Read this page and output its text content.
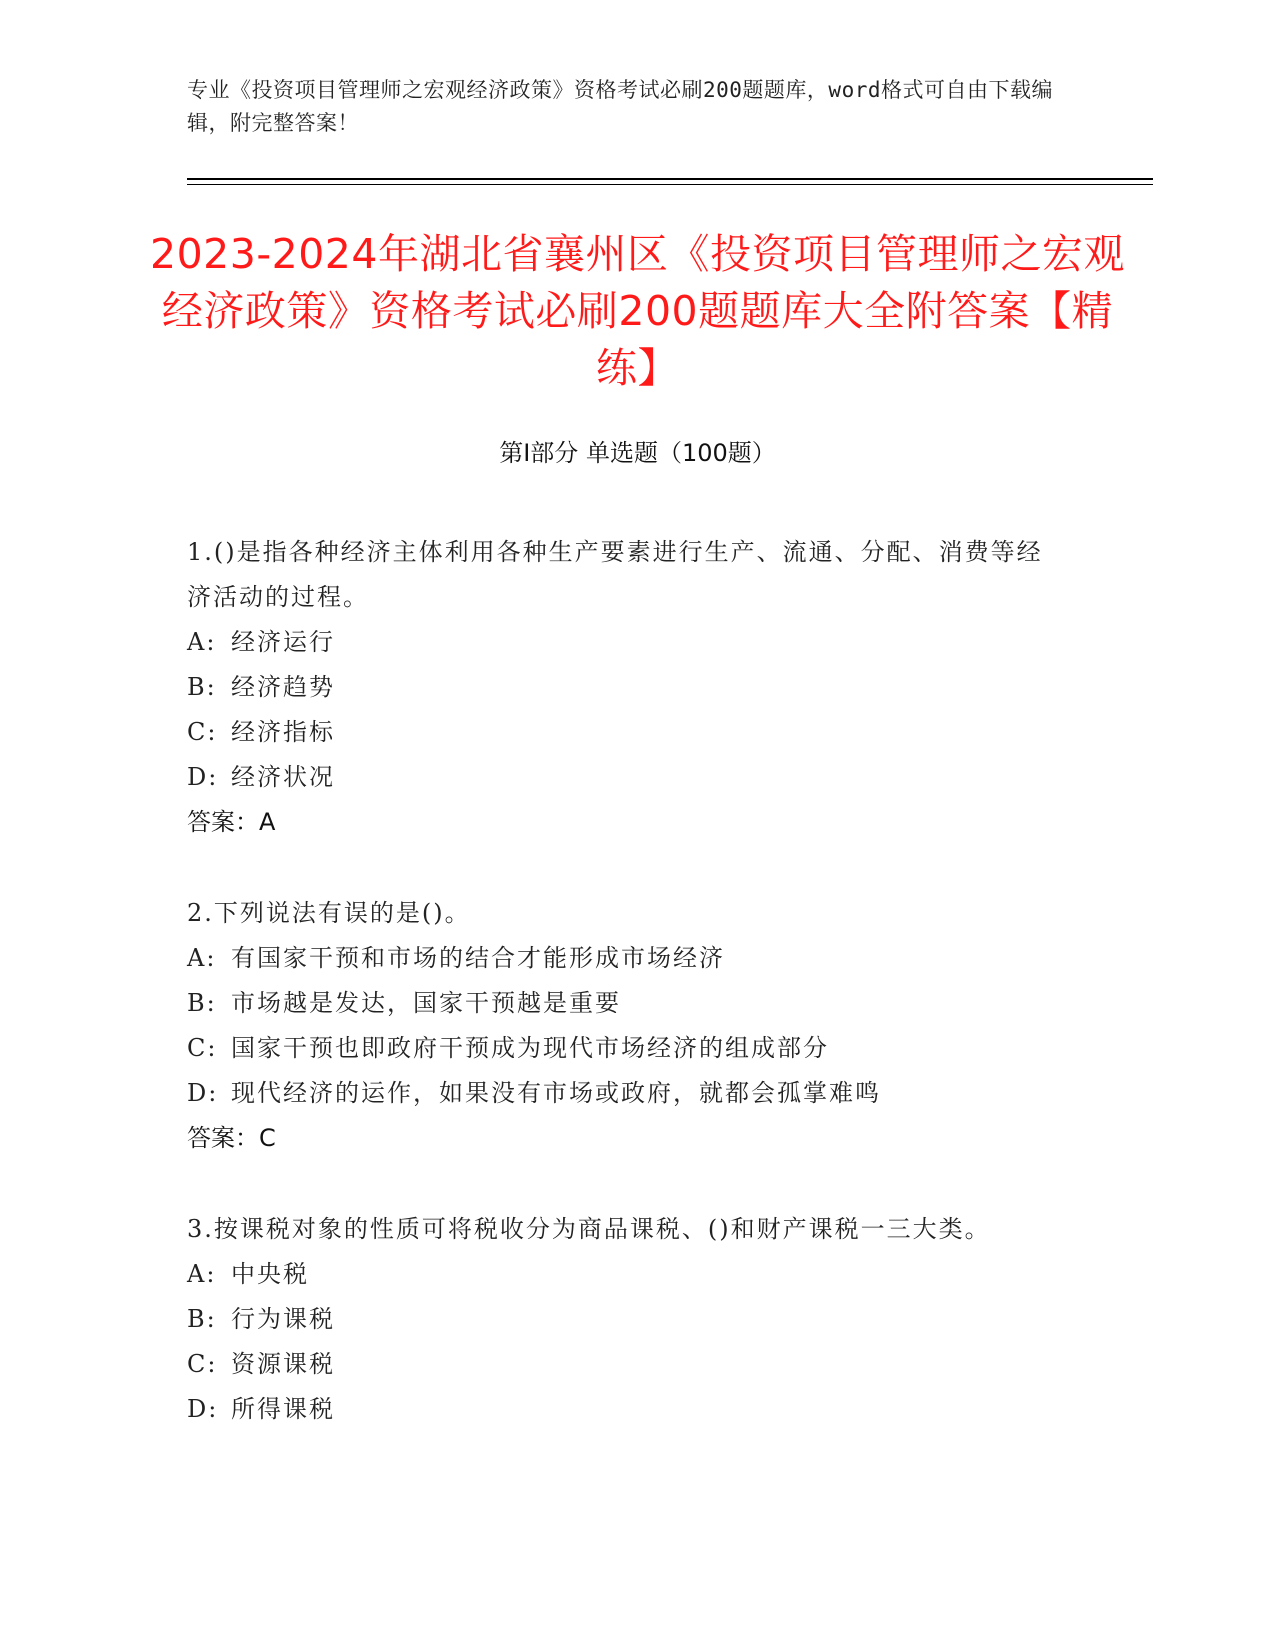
专业《投资项目管理师之宏观经济政策》资格考试必刷200题题库，word格式可自由下载编辑，附完整答案！
2023-2024年湖北省襄州区《投资项目管理师之宏观经济政策》资格考试必刷200题题库大全附答案【精练】
第Ⅰ部分 单选题（100题）
1.()是指各种经济主体利用各种生产要素进行生产、流通、分配、消费等经济活动的过程。
A: 经济运行
B: 经济趋势
C: 经济指标
D: 经济状况
答案：A
2.下列说法有误的是()。
A: 有国家干预和市场的结合才能形成市场经济
B: 市场越是发达，国家干预越是重要
C: 国家干预也即政府干预成为现代市场经济的组成部分
D: 现代经济的运作，如果没有市场或政府，就都会孤掌难鸣
答案：C
3.按课税对象的性质可将税收分为商品课税、()和财产课税一三大类。
A: 中央税
B: 行为课税
C: 资源课税
D: 所得课税
